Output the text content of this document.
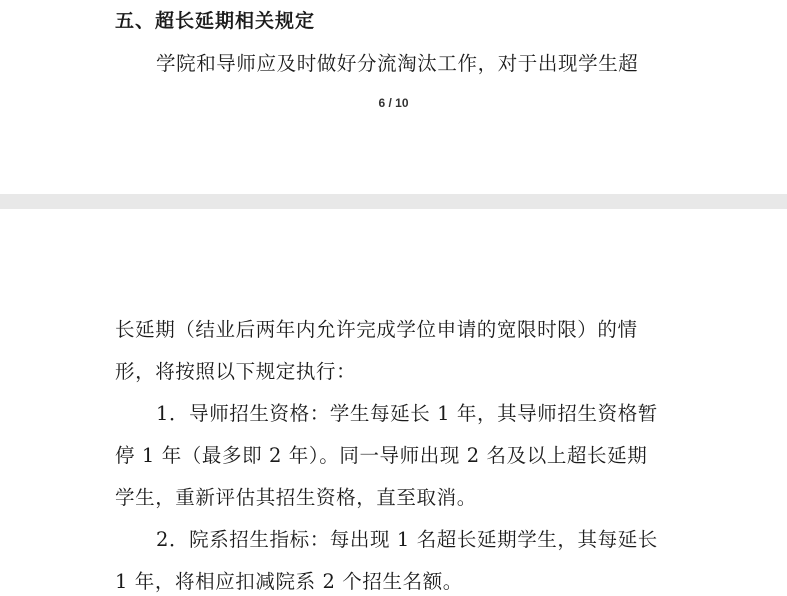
五、超长延期相关规定

学院和导师应及时做好分流淘汰工作，对于出现学生超

6 / 10

长延期（结业后两年内允许完成学位申请的宽限时限）的情

形，将按照以下规定执行：

1．导师招生资格：学生每延长 1 年，其导师招生资格暂

停 1 年（最多即 2 年）。同一导师出现 2 名及以上超长延期

学生，重新评估其招生资格，直至取消。

2．院系招生指标：每出现 1 名超长延期学生，其每延长

1 年，将相应扣减院系 2 个招生名额。
